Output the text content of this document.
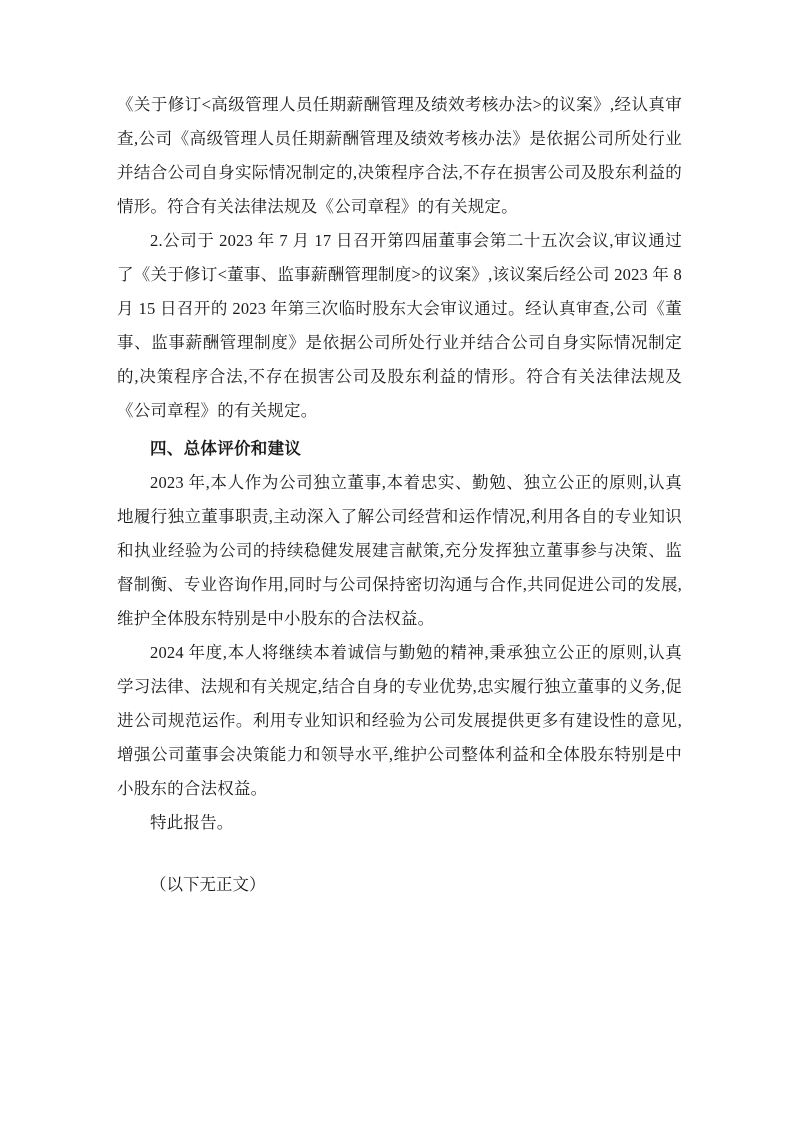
《关于修订<高级管理人员任期薪酬管理及绩效考核办法>的议案》,经认真审查,公司《高级管理人员任期薪酬管理及绩效考核办法》是依据公司所处行业并结合公司自身实际情况制定的,决策程序合法,不存在损害公司及股东利益的情形。符合有关法律法规及《公司章程》的有关规定。

2.公司于 2023 年 7 月 17 日召开第四届董事会第二十五次会议,审议通过了《关于修订<董事、监事薪酬管理制度>的议案》,该议案后经公司 2023 年 8 月 15 日召开的 2023 年第三次临时股东大会审议通过。经认真审查,公司《董事、监事薪酬管理制度》是依据公司所处行业并结合公司自身实际情况制定的,决策程序合法,不存在损害公司及股东利益的情形。符合有关法律法规及《公司章程》的有关规定。

四、总体评价和建议

2023 年,本人作为公司独立董事,本着忠实、勤勉、独立公正的原则,认真地履行独立董事职责,主动深入了解公司经营和运作情况,利用各自的专业知识和执业经验为公司的持续稳健发展建言献策,充分发挥独立董事参与决策、监督制衡、专业咨询作用,同时与公司保持密切沟通与合作,共同促进公司的发展,维护全体股东特别是中小股东的合法权益。

2024 年度,本人将继续本着诚信与勤勉的精神,秉承独立公正的原则,认真学习法律、法规和有关规定,结合自身的专业优势,忠实履行独立董事的义务,促进公司规范运作。利用专业知识和经验为公司发展提供更多有建设性的意见,增强公司董事会决策能力和领导水平,维护公司整体利益和全体股东特别是中小股东的合法权益。

特此报告。

（以下无正文）
